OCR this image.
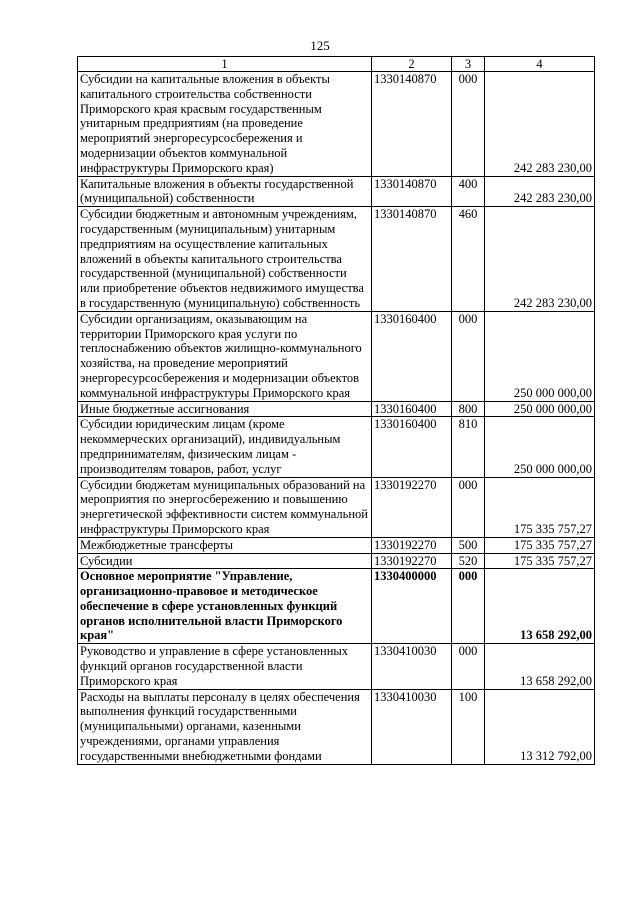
125
1	2	3	4
Субсидии на капитальные вложения в объекты капитального строительства собственности Приморского края красвым государственным унитарным предприятиям (на проведение мероприятий энергоресурсосбережения и модернизации объектов коммунальной инфраструктуры Приморского края)	1330140870	000	242 283 230,00
Капитальные вложения в объекты государственной (муниципальной) собственности	1330140870	400	242 283 230,00
Субсидии бюджетным и автономным учреждениям, государственным (муниципальным) унитарным предприятиям на осуществление капитальных вложений в объекты капитального строительства государственной (муниципальной) собственности или приобретение объектов недвижимого имущества в государственную (муниципальную) собственность	1330140870	460	242 283 230,00
Субсидии организациям, оказывающим на территории Приморского края услуги по теплоснабжению объектов жилищно-коммунального хозяйства, на проведение мероприятий энергоресурсосбережения и модернизации объектов коммунальной инфраструктуры Приморского края	1330160400	000	250 000 000,00
Иные бюджетные ассигнования	1330160400	800	250 000 000,00
Субсидии юридическим лицам (кроме некоммерческих организаций), индивидуальным предпринимателям, физическим лицам - производителям товаров, работ, услуг	1330160400	810	250 000 000,00
Субсидии бюджетам муниципальных образований на мероприятия по энергосбережению и повышению энергетической эффективности систем коммунальной инфраструктуры Приморского края	1330192270	000	175 335 757,27
Межбюджетные трансферты	1330192270	500	175 335 757,27
Субсидии	1330192270	520	175 335 757,27
Основное мероприятие "Управление, организационно-правовое и методическое обеспечение в сфере установленных функций органов исполнительной власти Приморского края"	1330400000	000	13 658 292,00
Руководство и управление в сфере установленных функций органов государственной власти Приморского края	1330410030	000	13 658 292,00
Расходы на выплаты персоналу в целях обеспечения выполнения функций государственными (муниципальными) органами, казенными учреждениями, органами управления государственными внебюджетными фондами	1330410030	100	13 312 792,00
